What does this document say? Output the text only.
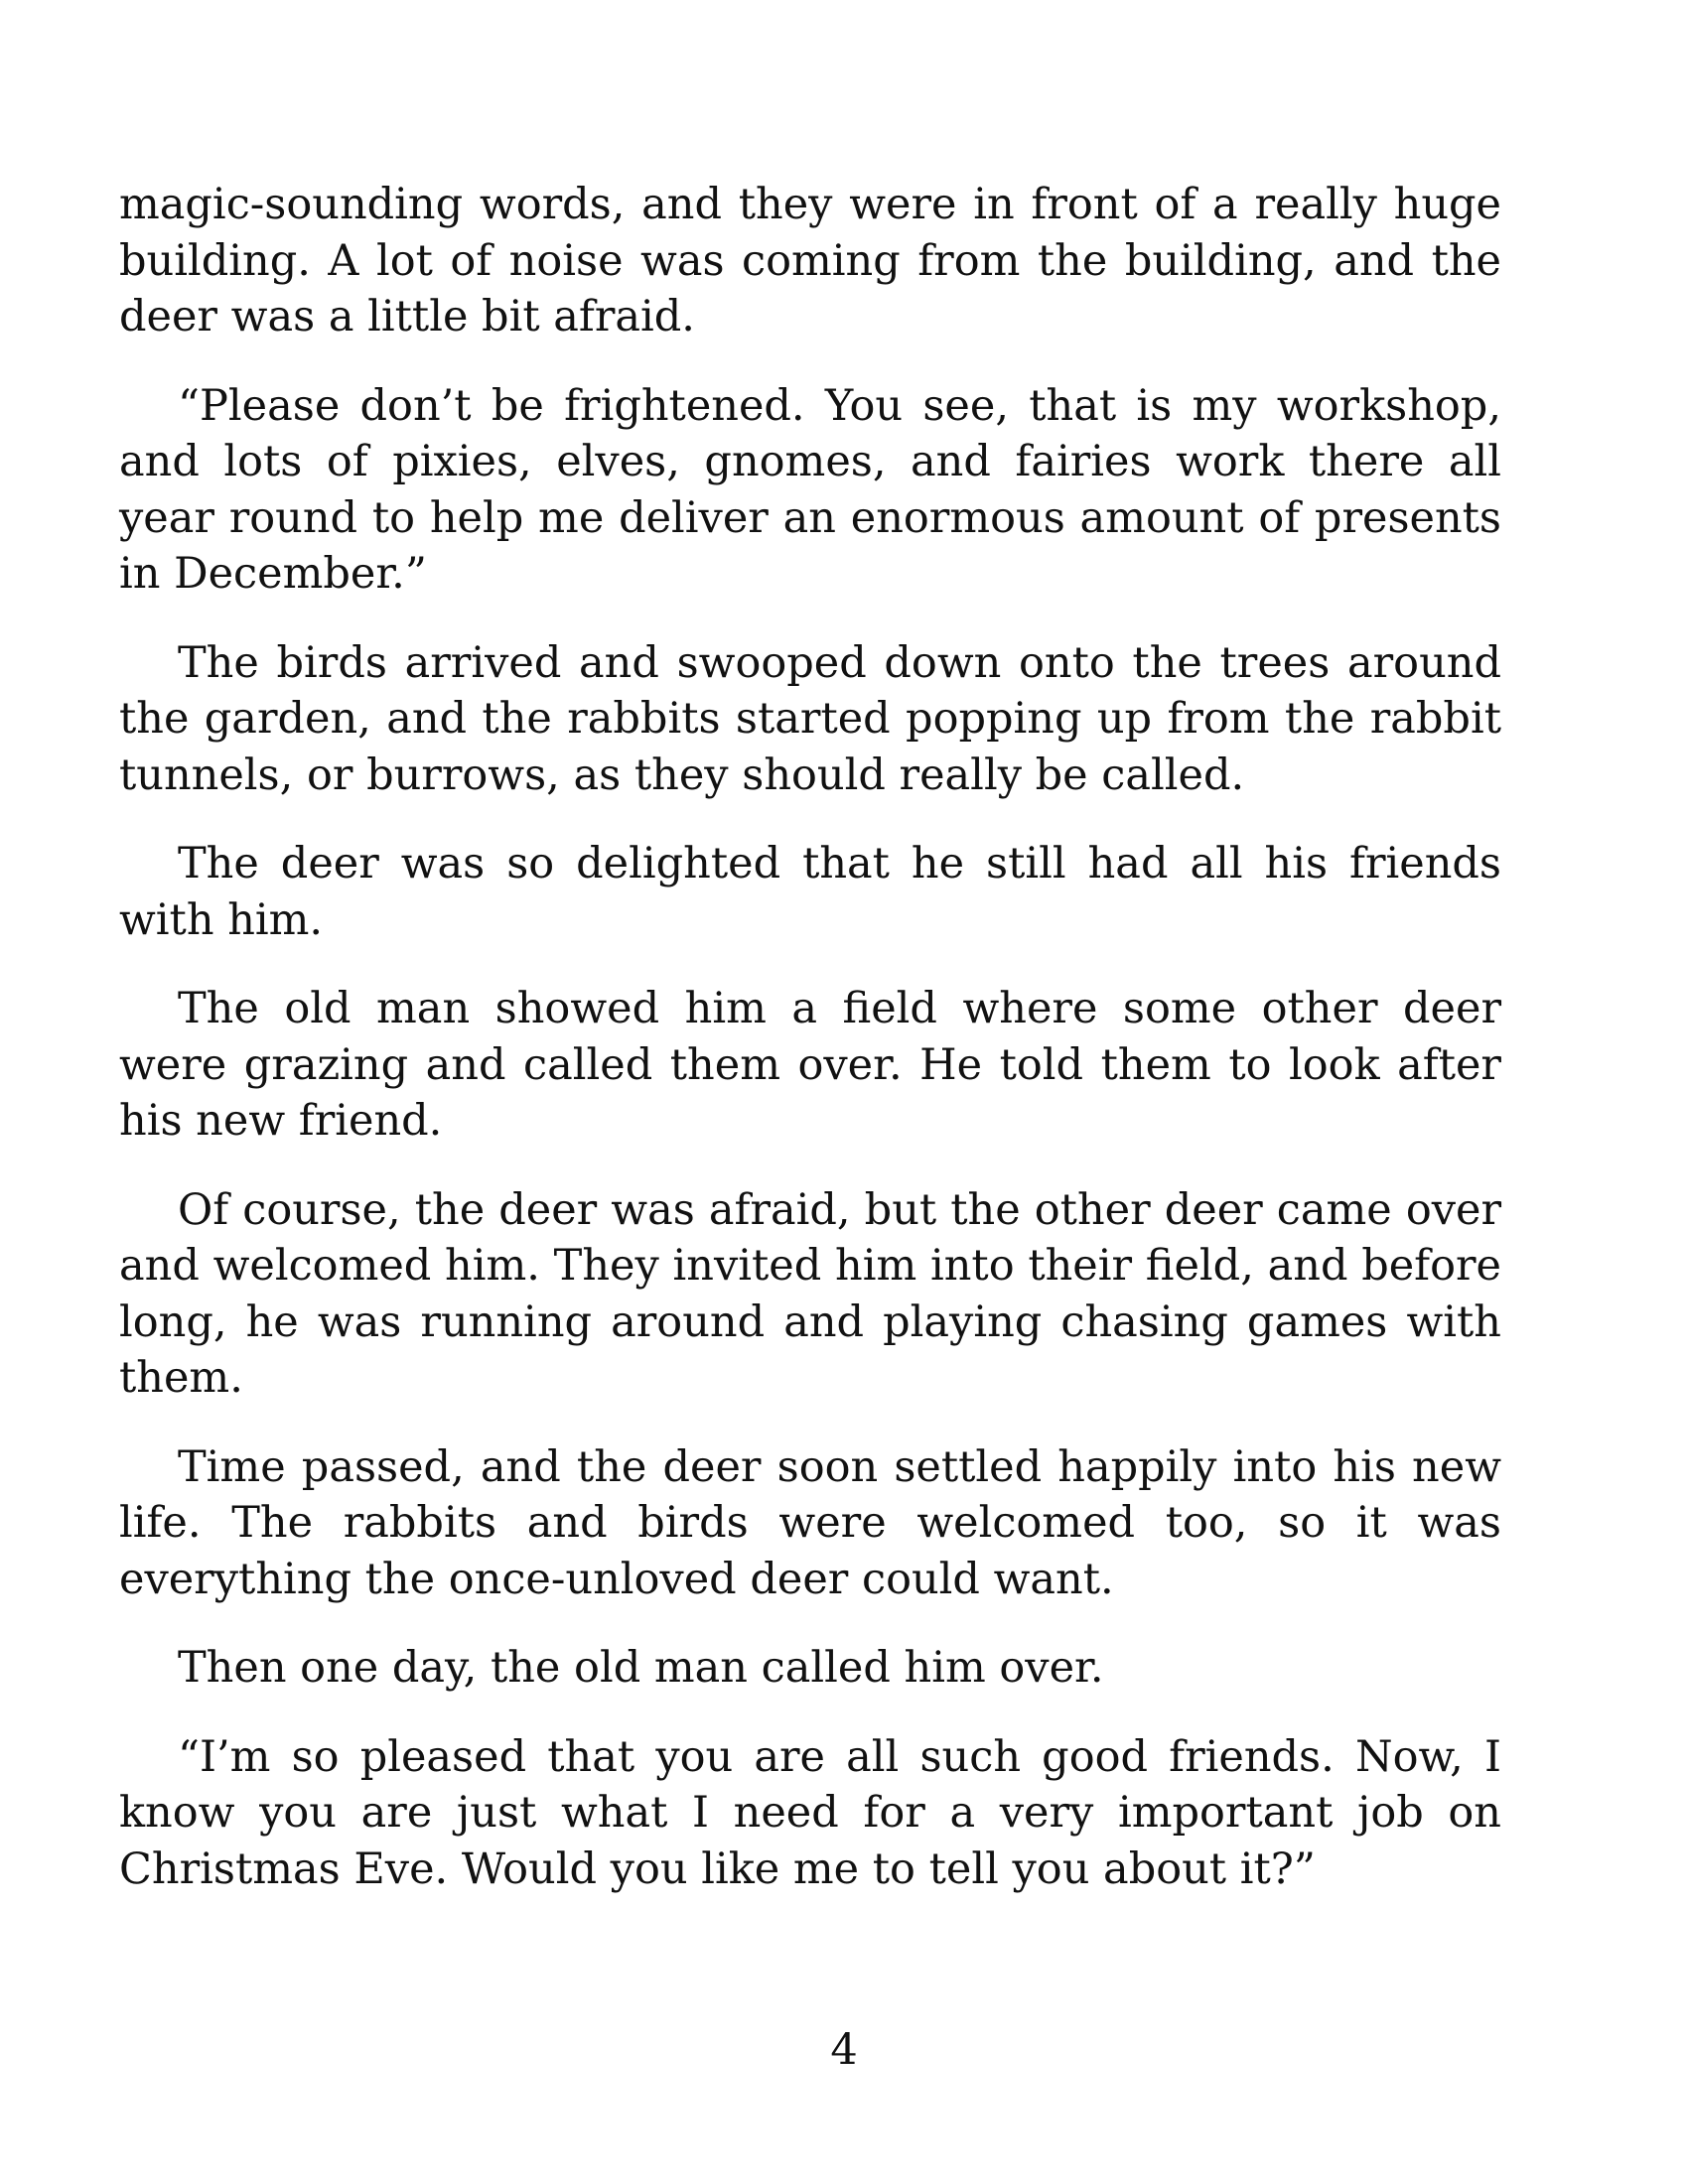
magic-sounding words, and they were in front of a really huge building. A lot of noise was coming from the building, and the deer was a little bit afraid.

“Please don’t be frightened. You see, that is my workshop, and lots of pixies, elves, gnomes, and fairies work there all year round to help me deliver an enormous amount of presents in December.”

The birds arrived and swooped down onto the trees around the garden, and the rabbits started popping up from the rabbit tunnels, or burrows, as they should really be called.

The deer was so delighted that he still had all his friends with him.

The old man showed him a field where some other deer were grazing and called them over. He told them to look after his new friend.

Of course, the deer was afraid, but the other deer came over and welcomed him. They invited him into their field, and before long, he was running around and playing chasing games with them.

Time passed, and the deer soon settled happily into his new life. The rabbits and birds were welcomed too, so it was everything the once-unloved deer could want.

Then one day, the old man called him over.

“I’m so pleased that you are all such good friends. Now, I know you are just what I need for a very important job on Christmas Eve. Would you like me to tell you about it?”

4
